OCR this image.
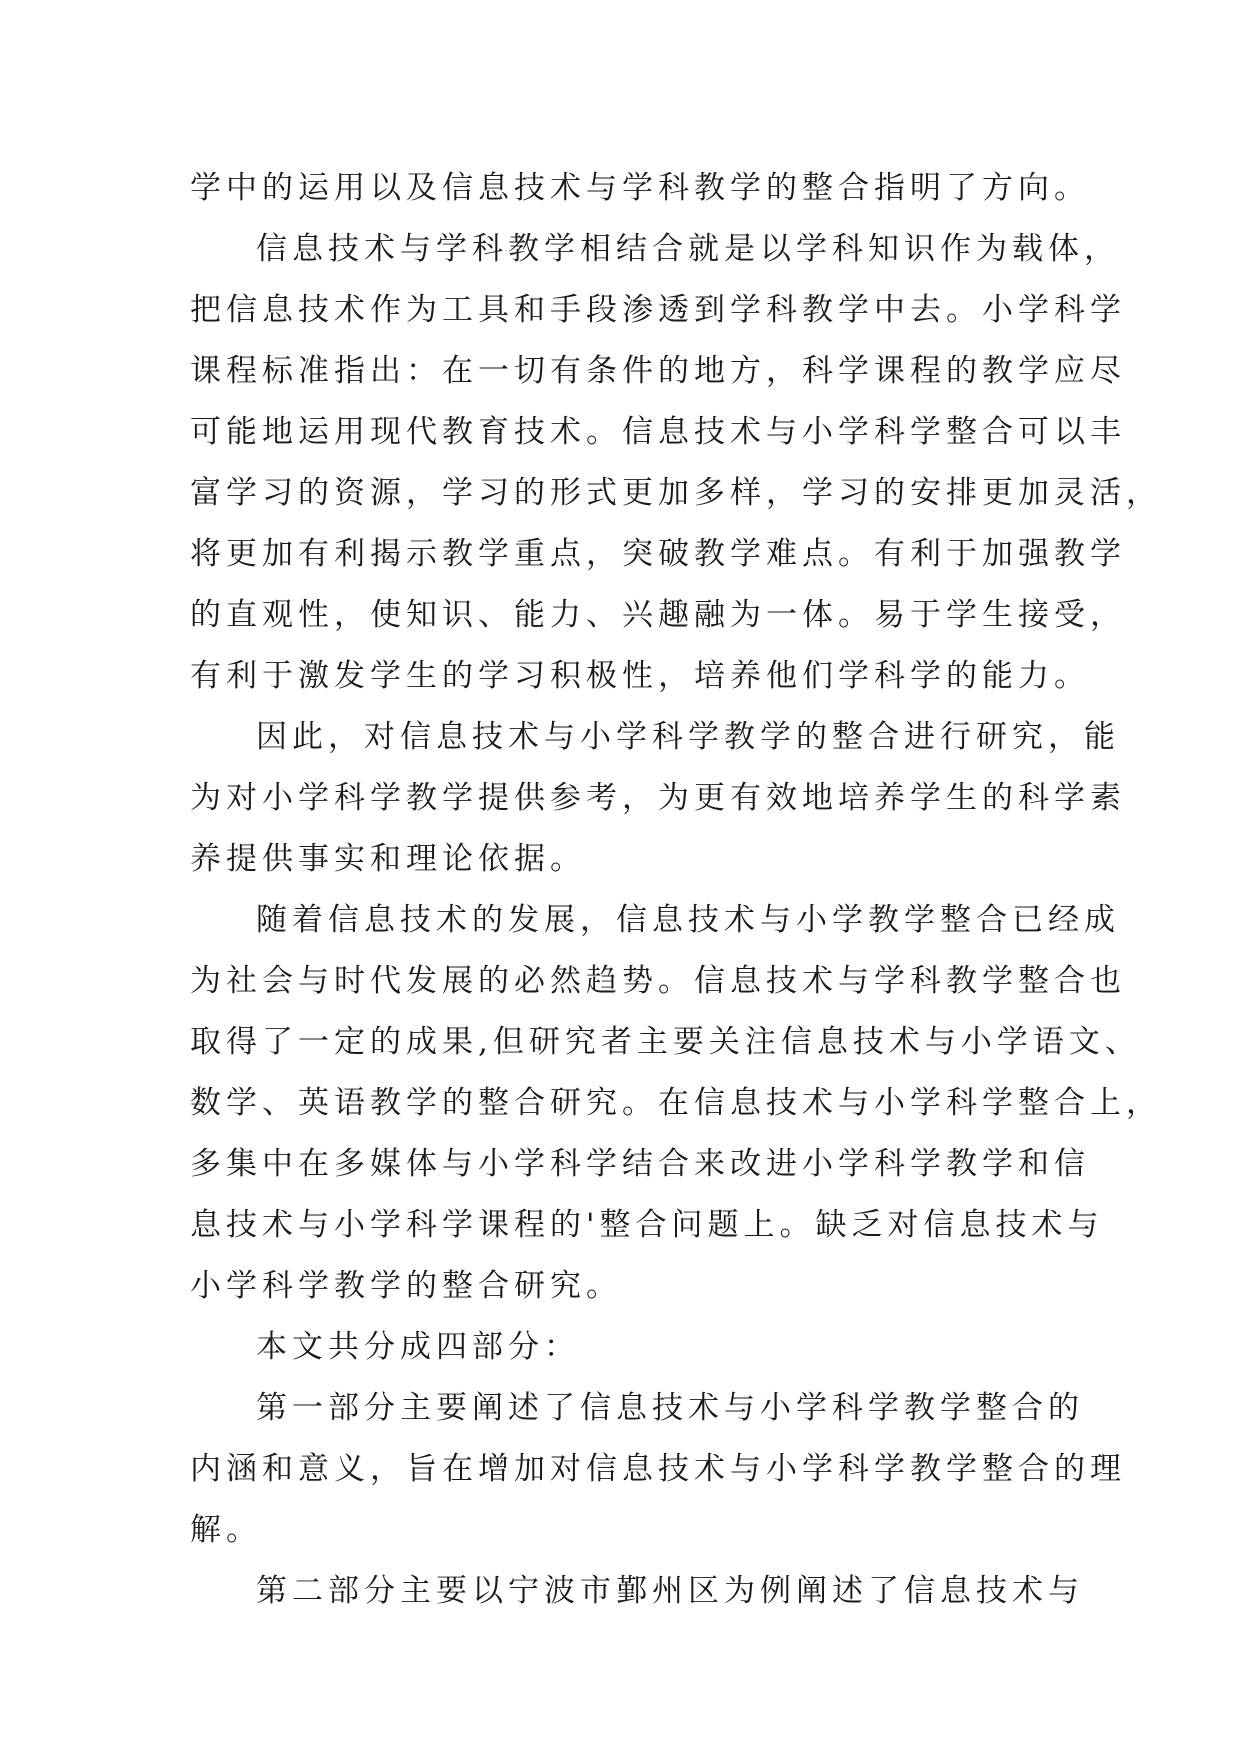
学中的运用以及信息技术与学科教学的整合指明了方向。
信息技术与学科教学相结合就是以学科知识作为载体，
把信息技术作为工具和手段渗透到学科教学中去。小学科学
课程标准指出：在一切有条件的地方，科学课程的教学应尽
可能地运用现代教育技术。信息技术与小学科学整合可以丰
富学习的资源，学习的形式更加多样，学习的安排更加灵活，
将更加有利揭示教学重点，突破教学难点。有利于加强教学
的直观性，使知识、能力、兴趣融为一体。易于学生接受，
有利于激发学生的学习积极性，培养他们学科学的能力。
因此，对信息技术与小学科学教学的整合进行研究，能
为对小学科学教学提供参考，为更有效地培养学生的科学素
养提供事实和理论依据。
随着信息技术的发展，信息技术与小学教学整合已经成
为社会与时代发展的必然趋势。信息技术与学科教学整合也
取得了一定的成果,但研究者主要关注信息技术与小学语文、
数学、英语教学的整合研究。在信息技术与小学科学整合上，
多集中在多媒体与小学科学结合来改进小学科学教学和信
息技术与小学科学课程的'整合问题上。缺乏对信息技术与
小学科学教学的整合研究。
本文共分成四部分：
第一部分主要阐述了信息技术与小学科学教学整合的
内涵和意义，旨在增加对信息技术与小学科学教学整合的理
解。
第二部分主要以宁波市鄞州区为例阐述了信息技术与
